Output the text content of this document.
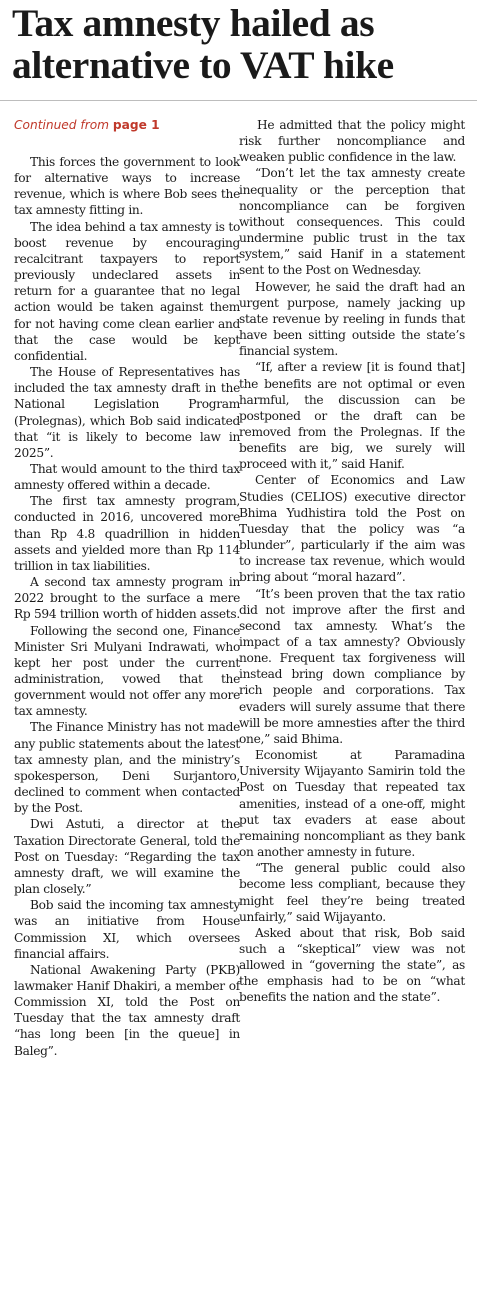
Tax amnesty hailed as alternative to VAT hike
Continued from page 1

This forces the government to look for alternative ways to increase revenue, which is where Bob sees the tax amnesty fitting in.

The idea behind a tax amnesty is to boost revenue by encouraging recalcitrant taxpayers to report previously undeclared assets in return for a guarantee that no legal action would be taken against them for not having come clean earlier and that the case would be kept confidential.

The House of Representatives has included the tax amnesty draft in the National Legislation Program (Prolegnas), which Bob said indicated that “it is likely to become law in 2025”.

That would amount to the third tax amnesty offered within a decade.

The first tax amnesty program, conducted in 2016, uncovered more than Rp 4.8 quadrillion in hidden assets and yielded more than Rp 114 trillion in tax liabilities.

A second tax amnesty program in 2022 brought to the surface a mere Rp 594 trillion worth of hidden assets.

Following the second one, Finance Minister Sri Mulyani Indrawati, who kept her post under the current administration, vowed that the government would not offer any more tax amnesty.

The Finance Ministry has not made any public statements about the latest tax amnesty plan, and the ministry’s spokesperson, Deni Surjantoro, declined to comment when contacted by the Post.

Dwi Astuti, a director at the Taxation Directorate General, told the Post on Tuesday: “Regarding the tax amnesty draft, we will examine the plan closely.”

Bob said the incoming tax amnesty was an initiative from House Commission XI, which oversees financial affairs.

National Awakening Party (PKB) lawmaker Hanif Dhakiri, a member of Commission XI, told the Post on Tuesday that the tax amnesty draft “has long been [in the queue] in Baleg”.

He admitted that the policy might risk further noncompliance and weaken public confidence in the law.

“Don’t let the tax amnesty create inequality or the perception that noncompliance can be forgiven without consequences. This could undermine public trust in the tax system,” said Hanif in a statement sent to the Post on Wednesday.

However, he said the draft had an urgent purpose, namely jacking up state revenue by reeling in funds that have been sitting outside the state’s financial system.

“If, after a review [it is found that] the benefits are not optimal or even harmful, the discussion can be postponed or the draft can be removed from the Prolegnas. If the benefits are big, we surely will proceed with it,” said Hanif.

Center of Economics and Law Studies (CELIOS) executive director Bhima Yudhistira told the Post on Tuesday that the policy was “a blunder”, particularly if the aim was to increase tax revenue, which would bring about “moral hazard”.

“It’s been proven that the tax ratio did not improve after the first and second tax amnesty. What’s the impact of a tax amnesty? Obviously none. Frequent tax forgiveness will instead bring down compliance by rich people and corporations. Tax evaders will surely assume that there will be more amnesties after the third one,” said Bhima.

Economist at Paramadina University Wijayanto Samirin told the Post on Tuesday that repeated tax amenities, instead of a one-off, might put tax evaders at ease about remaining noncompliant as they bank on another amnesty in future.

“The general public could also become less compliant, because they might feel they’re being treated unfairly,” said Wijayanto.

Asked about that risk, Bob said such a “skeptical” view was not allowed in “governing the state”, as the emphasis had to be on “what benefits the nation and the state”.
